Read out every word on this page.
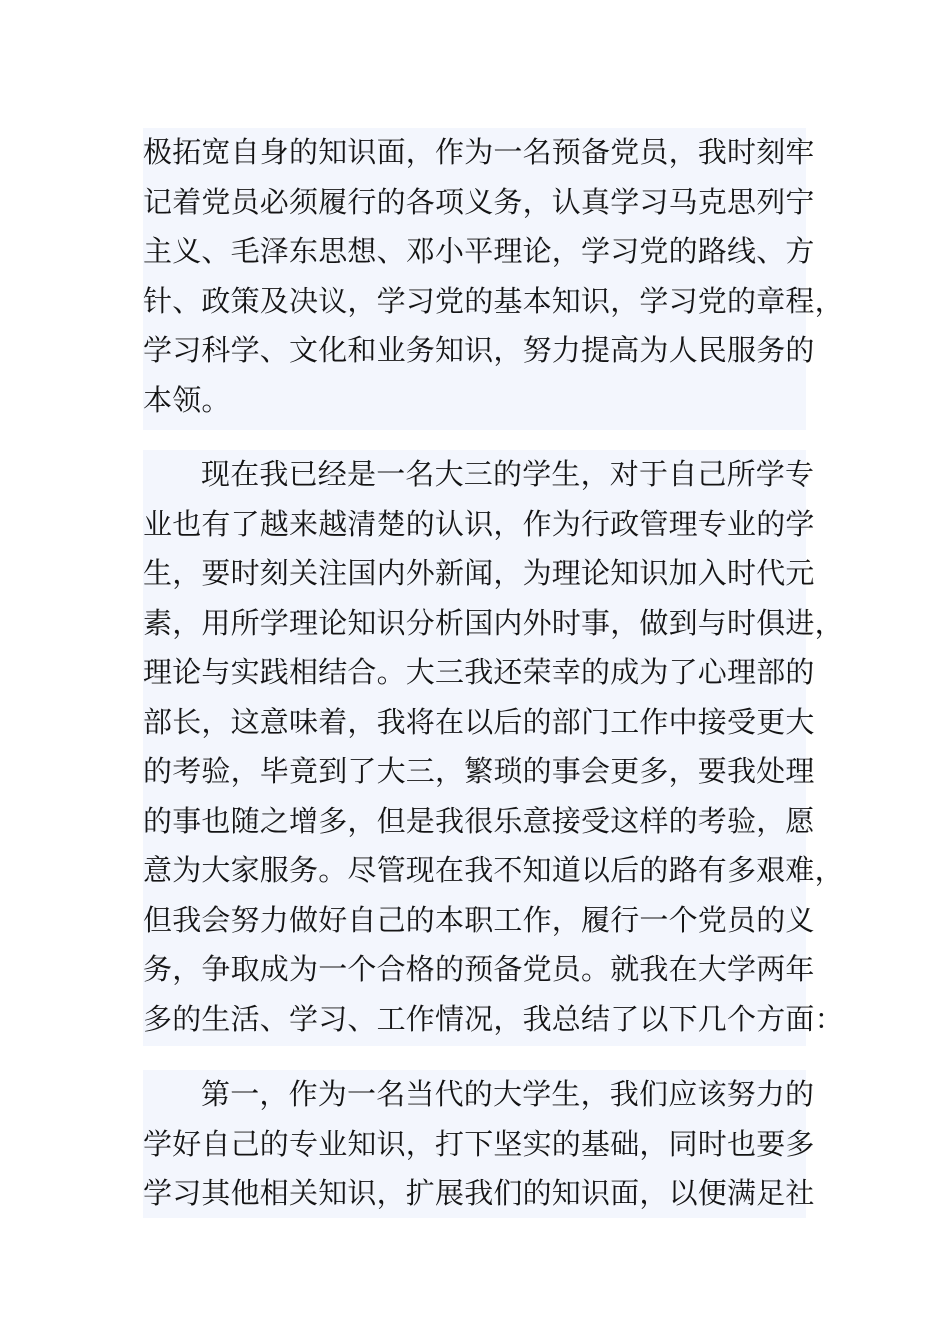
极拓宽自身的知识面，作为一名预备党员，我时刻牢
记着党员必须履行的各项义务，认真学习马克思列宁
主义、毛泽东思想、邓小平理论，学习党的路线、方
针、政策及决议，学习党的基本知识，学习党的章程，
学习科学、文化和业务知识，努力提高为人民服务的
本领。
现在我已经是一名大三的学生，对于自己所学专
业也有了越来越清楚的认识，作为行政管理专业的学
生，要时刻关注国内外新闻，为理论知识加入时代元
素，用所学理论知识分析国内外时事，做到与时俱进，
理论与实践相结合。大三我还荣幸的成为了心理部的
部长，这意味着，我将在以后的部门工作中接受更大
的考验，毕竟到了大三，繁琐的事会更多，要我处理
的事也随之增多，但是我很乐意接受这样的考验，愿
意为大家服务。尽管现在我不知道以后的路有多艰难，
但我会努力做好自己的本职工作，履行一个党员的义
务，争取成为一个合格的预备党员。就我在大学两年
多的生活、学习、工作情况，我总结了以下几个方面：
第一，作为一名当代的大学生，我们应该努力的
学好自己的专业知识，打下坚实的基础，同时也要多
学习其他相关知识，扩展我们的知识面，以便满足社
